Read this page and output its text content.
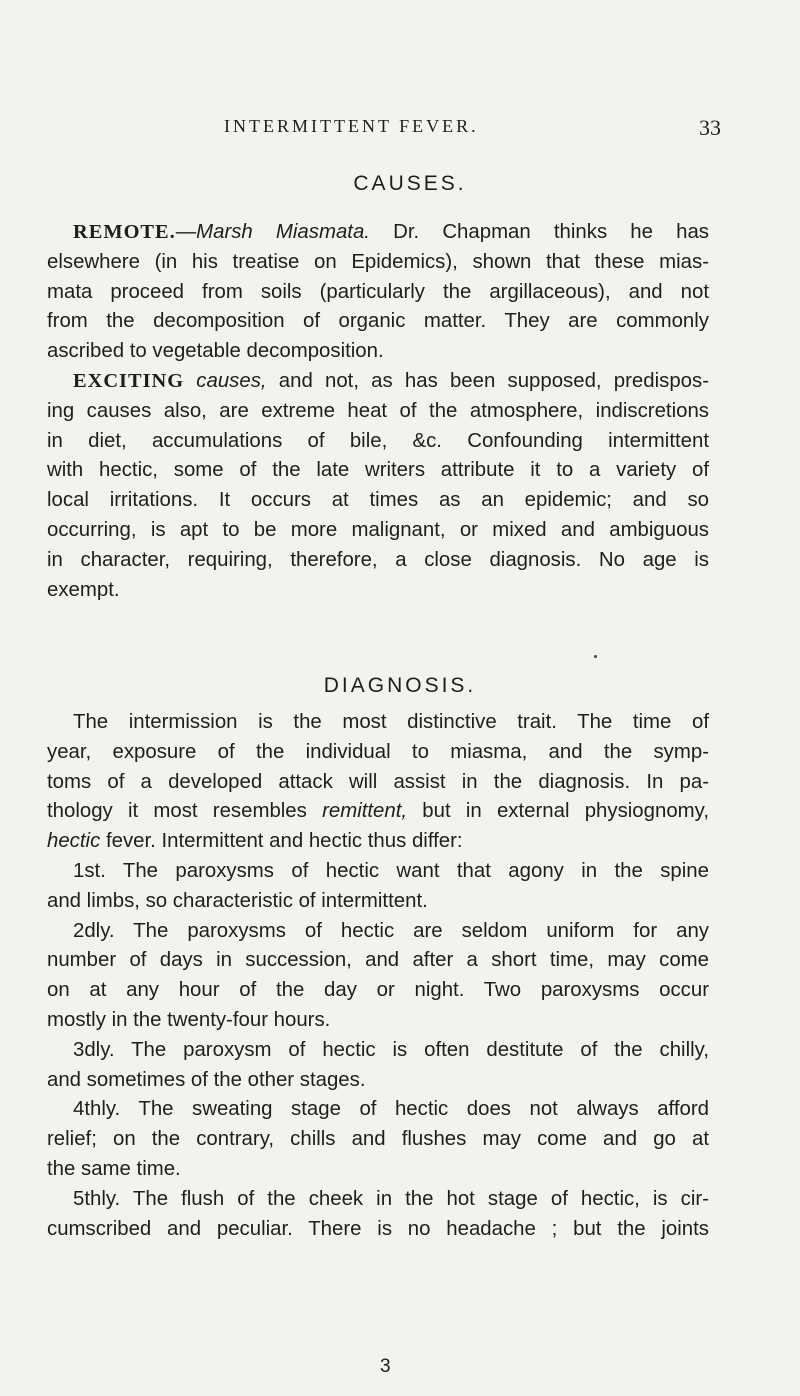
INTERMITTENT FEVER.	33
CAUSES.
REMOTE.—Marsh Miasmata. Dr. Chapman thinks he has
elsewhere (in his treatise on Epidemics), shown that these mias-
mata proceed from soils (particularly the argillaceous), and not
from the decomposition of organic matter. They are commonly
ascribed to vegetable decomposition.
EXCITING causes, and not, as has been supposed, predispos-
ing causes also, are extreme heat of the atmosphere, indiscretions
in diet, accumulations of bile, &c. Confounding intermittent
with hectic, some of the late writers attribute it to a variety of
local irritations. It occurs at times as an epidemic; and so
occurring, is apt to be more malignant, or mixed and ambiguous
in character, requiring, therefore, a close diagnosis. No age is
exempt.
DIAGNOSIS.
The intermission is the most distinctive trait. The time of
year, exposure of the individual to miasma, and the symp-
toms of a developed attack will assist in the diagnosis. In pa-
thology it most resembles remittent, but in external physiognomy,
hectic fever. Intermittent and hectic thus differ:
1st. The paroxysms of hectic want that agony in the spine
and limbs, so characteristic of intermittent.
2dly. The paroxysms of hectic are seldom uniform for any
number of days in succession, and after a short time, may come
on at any hour of the day or night. Two paroxysms occur
mostly in the twenty-four hours.
3dly. The paroxysm of hectic is often destitute of the chilly,
and sometimes of the other stages.
4thly. The sweating stage of hectic does not always afford
relief; on the contrary, chills and flushes may come and go at
the same time.
5thly. The flush of the cheek in the hot stage of hectic, is cir-
cumscribed and peculiar. There is no headache ; but the joints
3
